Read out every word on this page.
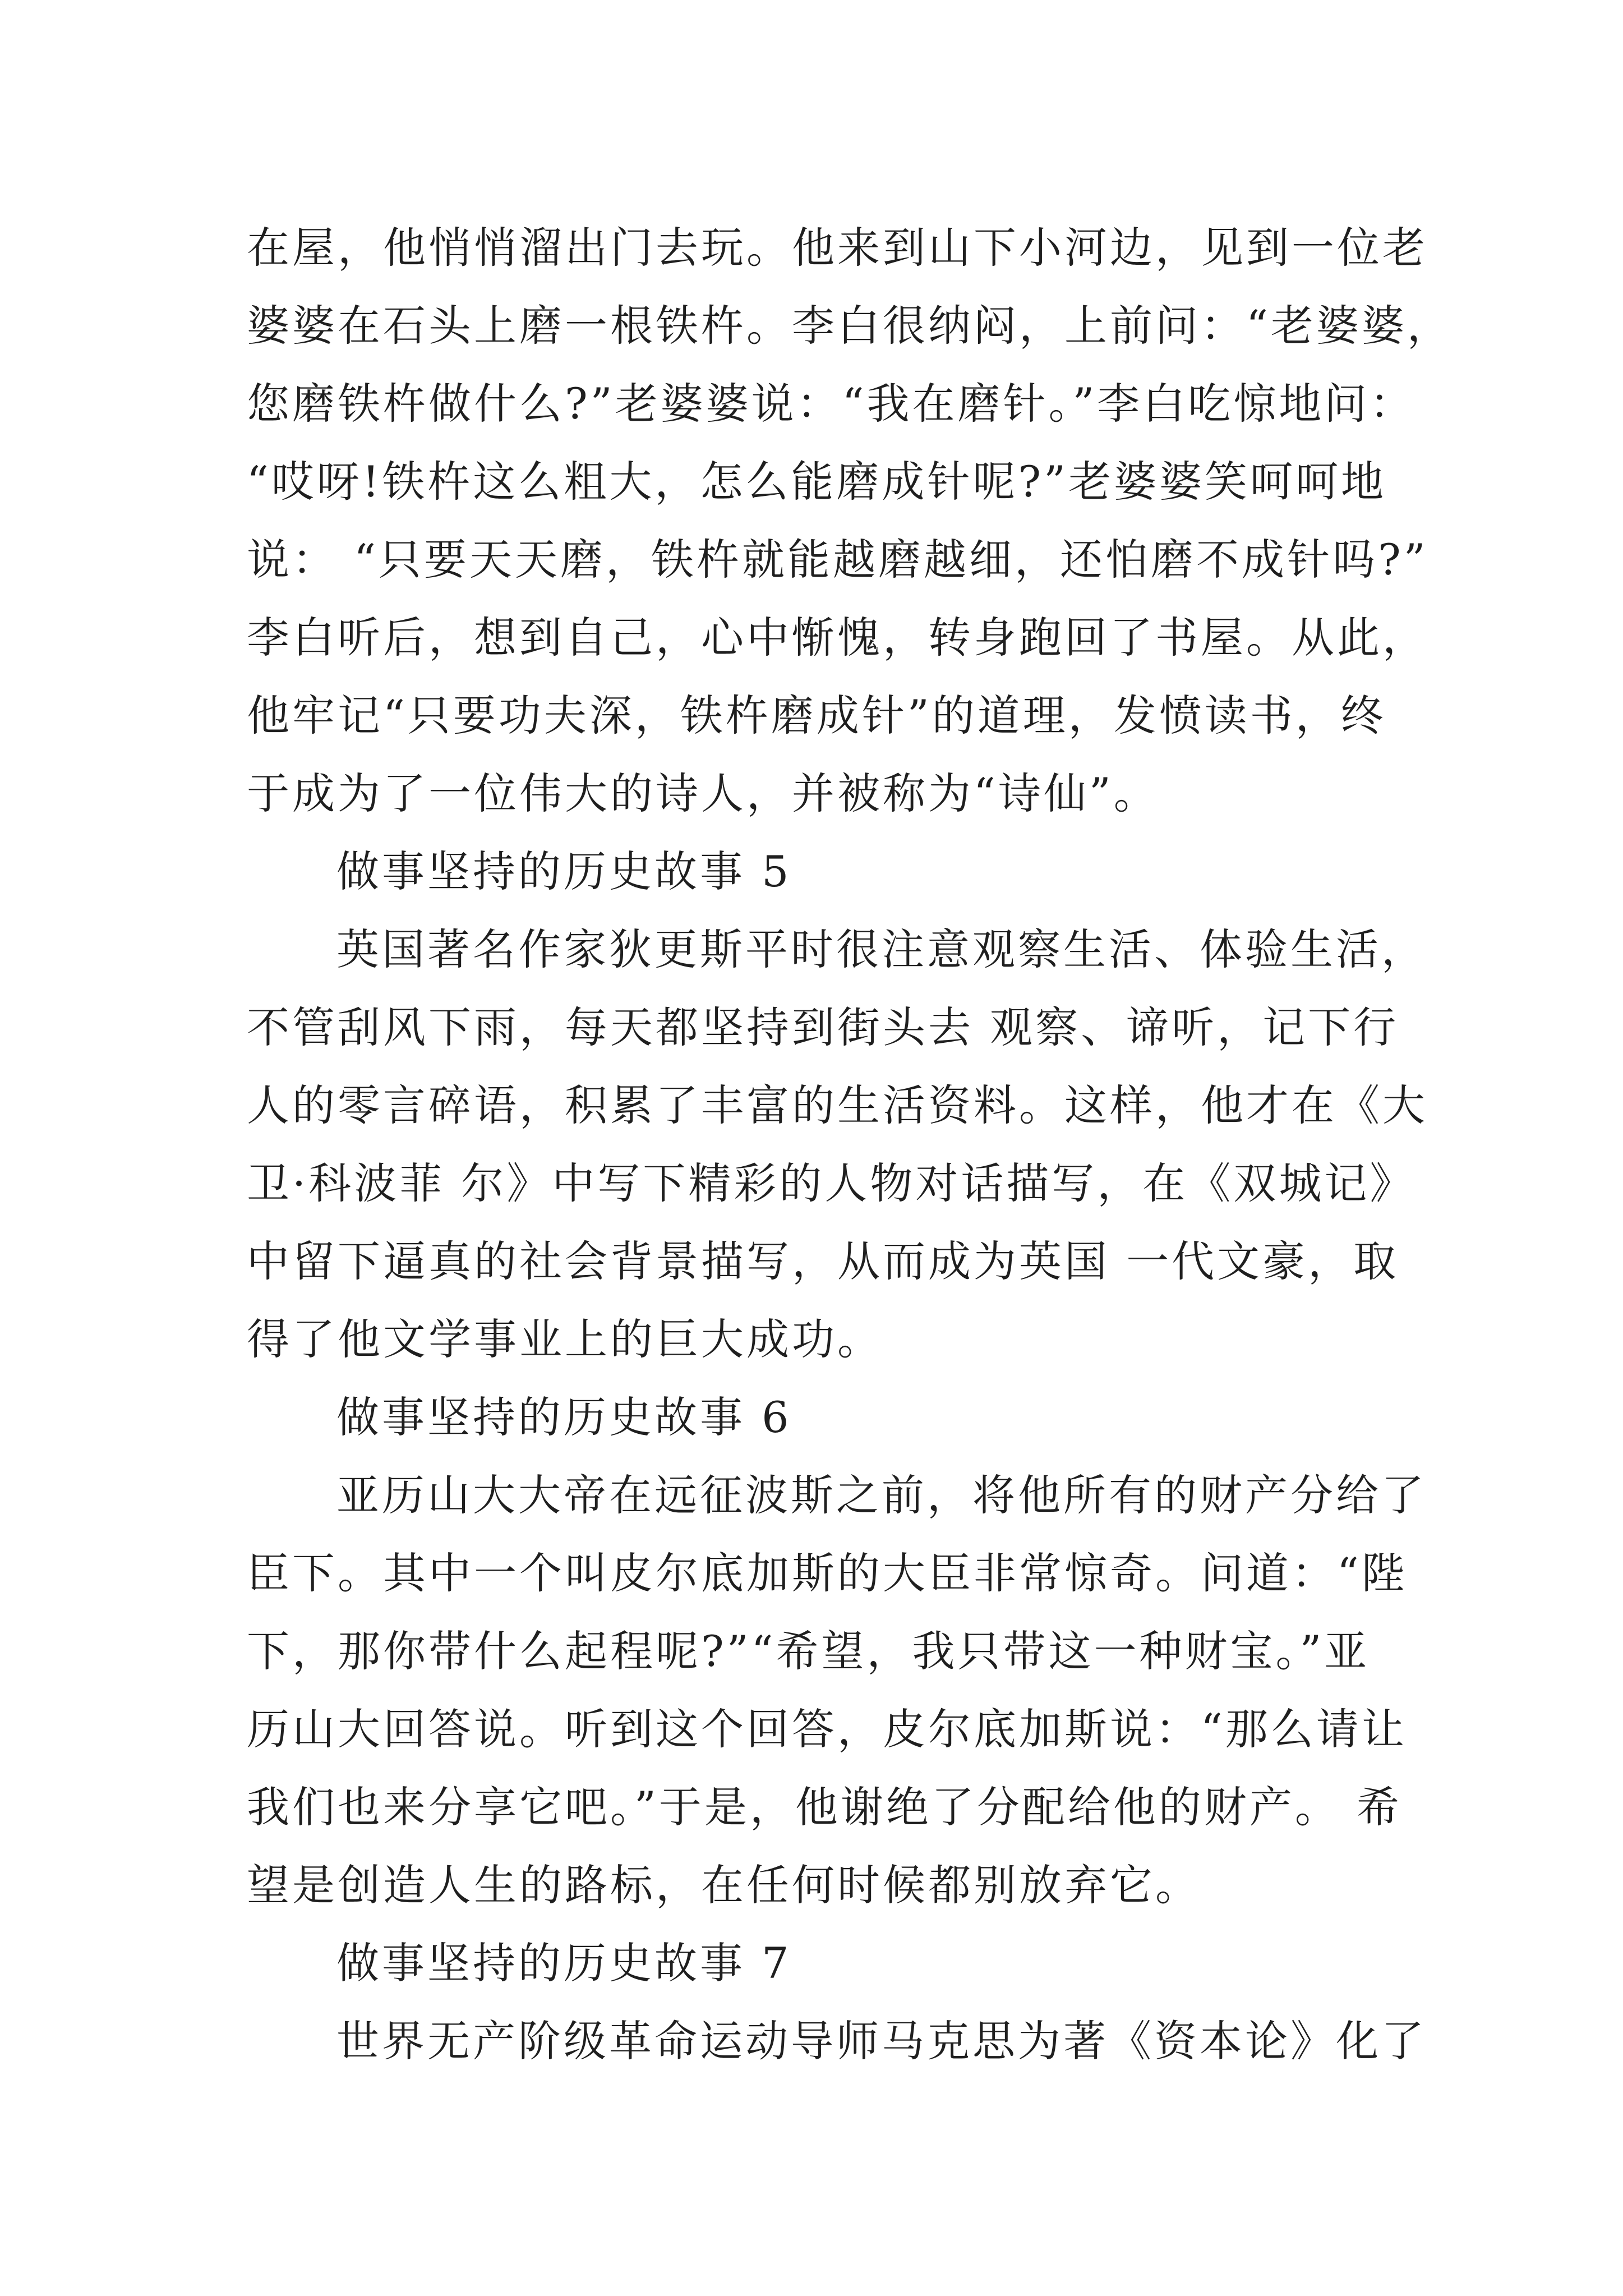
在屋，他悄悄溜出门去玩。他来到山下小河边，见到一位老
婆婆在石头上磨一根铁杵。李白很纳闷，上前问：“老婆婆，
您磨铁杵做什么?”老婆婆说：“我在磨针。”李白吃惊地问：
“哎呀!铁杵这么粗大，怎么能磨成针呢?”老婆婆笑呵呵地
说： “只要天天磨，铁杵就能越磨越细，还怕磨不成针吗?”
李白听后，想到自己，心中惭愧，转身跑回了书屋。从此，
他牢记“只要功夫深，铁杵磨成针”的道理，发愤读书，终
于成为了一位伟大的诗人，并被称为“诗仙”。
做事坚持的历史故事 5
英国著名作家狄更斯平时很注意观察生活、体验生活，
不管刮风下雨，每天都坚持到街头去 观察、谛听，记下行
人的零言碎语，积累了丰富的生活资料。这样，他才在《大
卫·科波菲 尔》中写下精彩的人物对话描写，在《双城记》
中留下逼真的社会背景描写，从而成为英国 一代文豪，取
得了他文学事业上的巨大成功。
做事坚持的历史故事 6
亚历山大大帝在远征波斯之前，将他所有的财产分给了
臣下。其中一个叫皮尔底加斯的大臣非常惊奇。问道：“陛
下，那你带什么起程呢?”“希望，我只带这一种财宝。”亚
历山大回答说。听到这个回答，皮尔底加斯说：“那么请让
我们也来分享它吧。”于是，他谢绝了分配给他的财产。 希
望是创造人生的路标，在任何时候都别放弃它。
做事坚持的历史故事 7
世界无产阶级革命运动导师马克思为著《资本论》化了
